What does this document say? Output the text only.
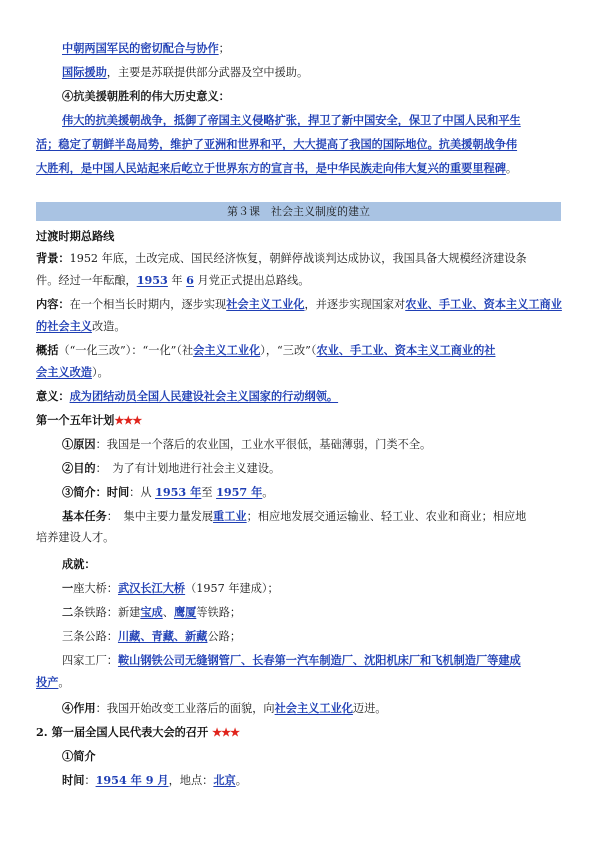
中朝两国军民的密切配合与协作；
国际援助，主要是苏联提供部分武器及空中援助。
④抗美援朝胜利的伟大历史意义：
伟大的抗美援朝战争，抵御了帝国主义侵略扩张，捍卫了新中国安全，保卫了中国人民和平生
活；稳定了朝鲜半岛局势，维护了亚洲和世界和平，大大提高了我国的国际地位。抗美援朝战争伟
大胜利，是中国人民站起来后屹立于世界东方的宣言书，是中华民族走向伟大复兴的重要里程碑。
第３课　社会主义制度的建立
过渡时期总路线
背景：1952 年底，土改完成、国民经济恢复，朝鲜停战谈判达成协议，我国具备大规模经济建设条
件。经过一年酝酿，1953 年 6 月党正式提出总路线。
内容：在一个相当长时期内，逐步实现社会主义工业化，并逐步实现国家对农业、手工业、资本主义工商业
的社会主义改造。
概括（“一化三改”）：“一化”（社会主义工业化），“三改”（农业、手工业、资本主义工商业的社
会主义改造）。
意义：成为团结动员全国人民建设社会主义国家的行动纲领。
第一个五年计划★★★
①原因：我国是一个落后的农业国，工业水平很低，基础薄弱，门类不全。
②目的：　为了有计划地进行社会主义建设。
③简介：时间：从 1953 年至 1957 年。
基本任务：　集中主要力量发展重工业；相应地发展交通运输业、轻工业、农业和商业；相应地
培养建设人才。
成就：
一座大桥：武汉长江大桥（1957 年建成）；
二条铁路：新建宝成、鹰厦等铁路；
三条公路：川藏、青藏、新藏公路；
四家工厂：鞍山钢铁公司无缝钢管厂、长春第一汽车制造厂、沈阳机床厂和飞机制造厂等建成
投产。
④作用：我国开始改变工业落后的面貌，向社会主义工业化迈进。
2. 第一届全国人民代表大会的召开 ★★★
①简介
时间：1954 年 9 月，地点：北京。
